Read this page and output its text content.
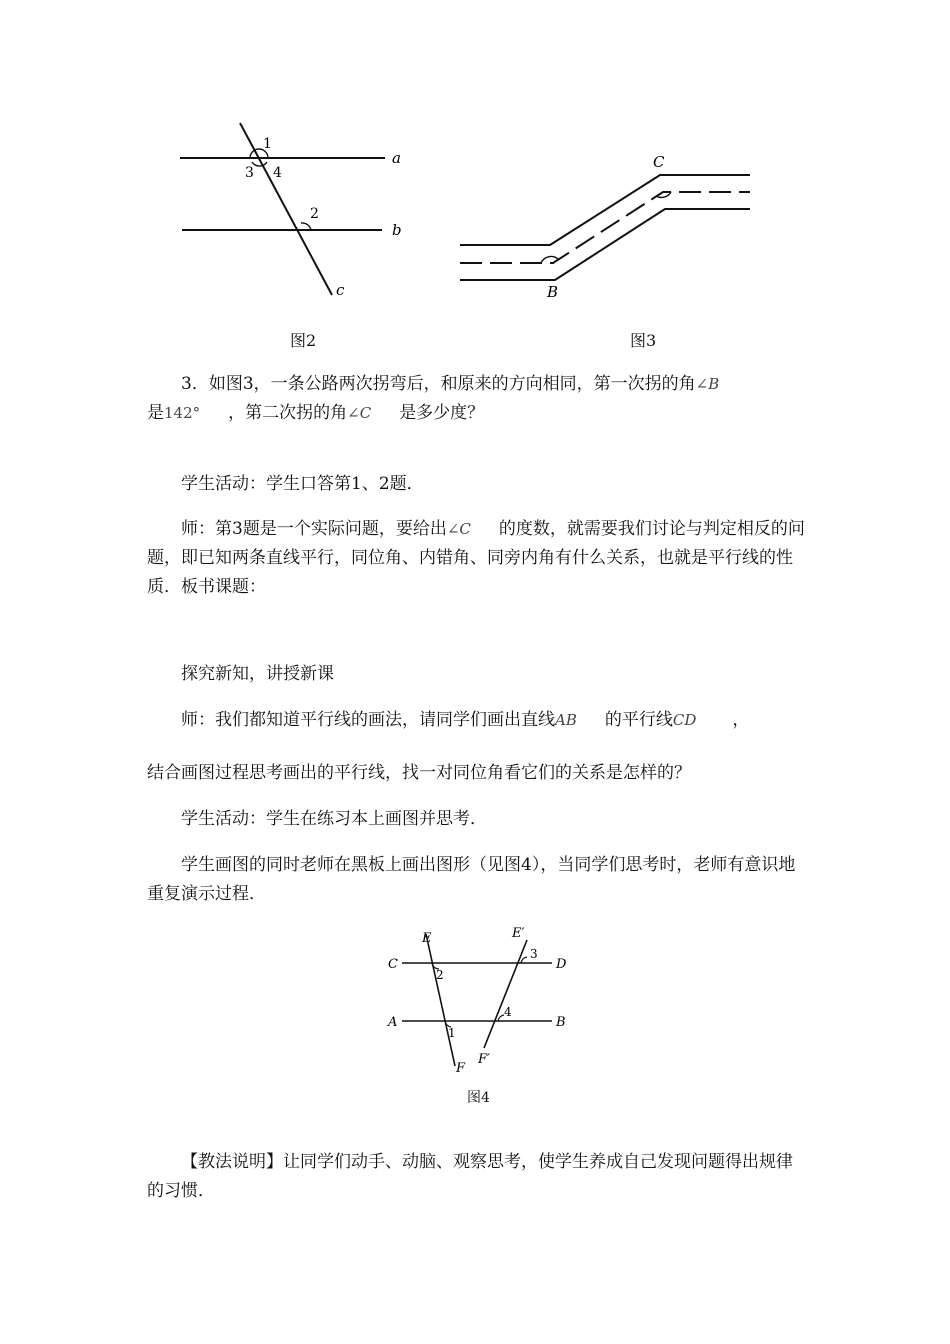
1
3 4
2
a
b
c
图2
C
B
图3
3．如图3，一条公路两次拐弯后，和原来的方向相同，第一次拐的角∠B
是142° ，第二次拐的角∠C 是多少度？
学生活动：学生口答第1、2题．
师：第3题是一个实际问题，要给出∠C 的度数，就需要我们讨论与判定相反的问题，即已知两条直线平行，同位角、内错角、同旁内角有什么关系，也就是平行线的性质．板书课题：
探究新知，讲授新课
师：我们都知道平行线的画法，请同学们画出直线AB 的平行线CD ，
结合画图过程思考画出的平行线，找一对同位角看它们的关系是怎样的？
学生活动：学生在练习本上画图并思考．
学生画图的同时老师在黑板上画出图形（见图4），当同学们思考时，老师有意识地重复演示过程．
E	E′
C	D
A	B
F
F′
2
1
3
4
图4
【教法说明】让同学们动手、动脑、观察思考，使学生养成自己发现问题得出规律的习惯．
